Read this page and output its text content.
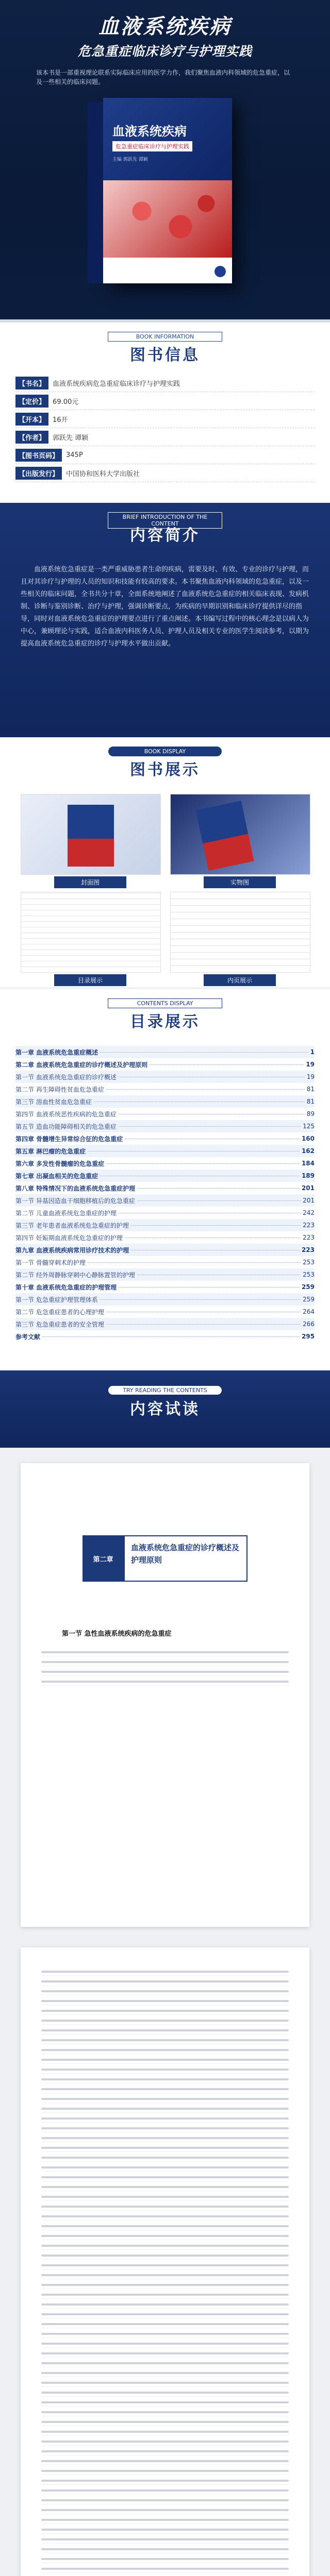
血液系统疾病
危急重症临床诊疗与护理实践
该本书是一部重视理论联系实际临床应用的医学力作，我们聚焦血液内科领域的危急重症，以及一些相关的临床问题。
血液系统疾病
危急重症临床诊疗与护理实践
主编 郭跃先 谭颖
BOOK INFORMATION
图书信息
【书名】	血液系统疾病危急重症临床诊疗与护理实践
【定价】	69.00元
【开本】	16开
【作者】	郭跃先 谭颖
【图书页码】	345P
【出版发行】	中国协和医科大学出版社
BRIEF INTRODUCTION OF THE CONTENT
内容简介
血液系统危急重症是一类严重威胁患者生命的疾病，需要及时、有效、专业的诊疗与护理，而且对其诊疗与护理的人员的知识和技能有较高的要求。本书聚焦血液内科领域的危急重症，以及一些相关的临床问题，全书共分十章，全面系统地阐述了血液系统危急重症的相关临床表现、发病机制、诊断与鉴别诊断、治疗与护理，强调诊断要点，为疾病的早期识别和临床诊疗提供详尽的指导，同时对血液系统危急重症的护理要点进行了重点阐述。本书编写过程中的核心理念是以病人为中心，兼顾理论与实践，适合血液内科医务人员、护理人员及相关专业的医学生阅读参考，以期为提高血液系统危急重症的诊疗与护理水平做出贡献。
BOOK DISPLAY
图书展示
封面图	实物图
目录展示	内页展示
CONTENTS DISPLAY
目录展示
第一章 血液系统危急重症概述	1
第二章 血液系统危急重症的诊疗概述及护理原则	19
第一节 血液系统危急重症的诊疗概述	19
第二节 再生障碍性贫血危急重症	81
第三节 溶血性贫血危急重症	81
第四节 血液系统恶性疾病的危急重症	89
第五节 造血功能障碍相关的危急重症	125
第四章 骨髓增生异常综合征的危急重症	160
第五章 淋巴瘤的危急重症	162
第六章 多发性骨髓瘤的危急重症	184
第七章 出凝血相关的危急重症	189
第八章 特殊情况下的血液系统危急重症护理	201
第一节 异基因造血干细胞移植后的危急重症	201
第二节 儿童血液系统危急重症的护理	242
第三节 老年患者血液系统危急重症的护理	223
第四节 妊娠期血液系统危急重症的护理	223
第九章 血液系统疾病常用诊疗技术的护理	223
第一节 骨髓穿刺术的护理	253
第二节 经外周静脉穿刺中心静脉置管的护理	253
第十章 血液系统危急重症的护理管理	259
第一节 危急重症护理管理体系	259
第二节 危急重症患者的心理护理	264
第三节 危急重症患者的安全管理	266
参考文献	295
TRY READING THE CONTENTS
内容试读
第二章
血液系统危急重症的诊疗概述及护理原则
第一节 急性血液系统疾病的危急重症
